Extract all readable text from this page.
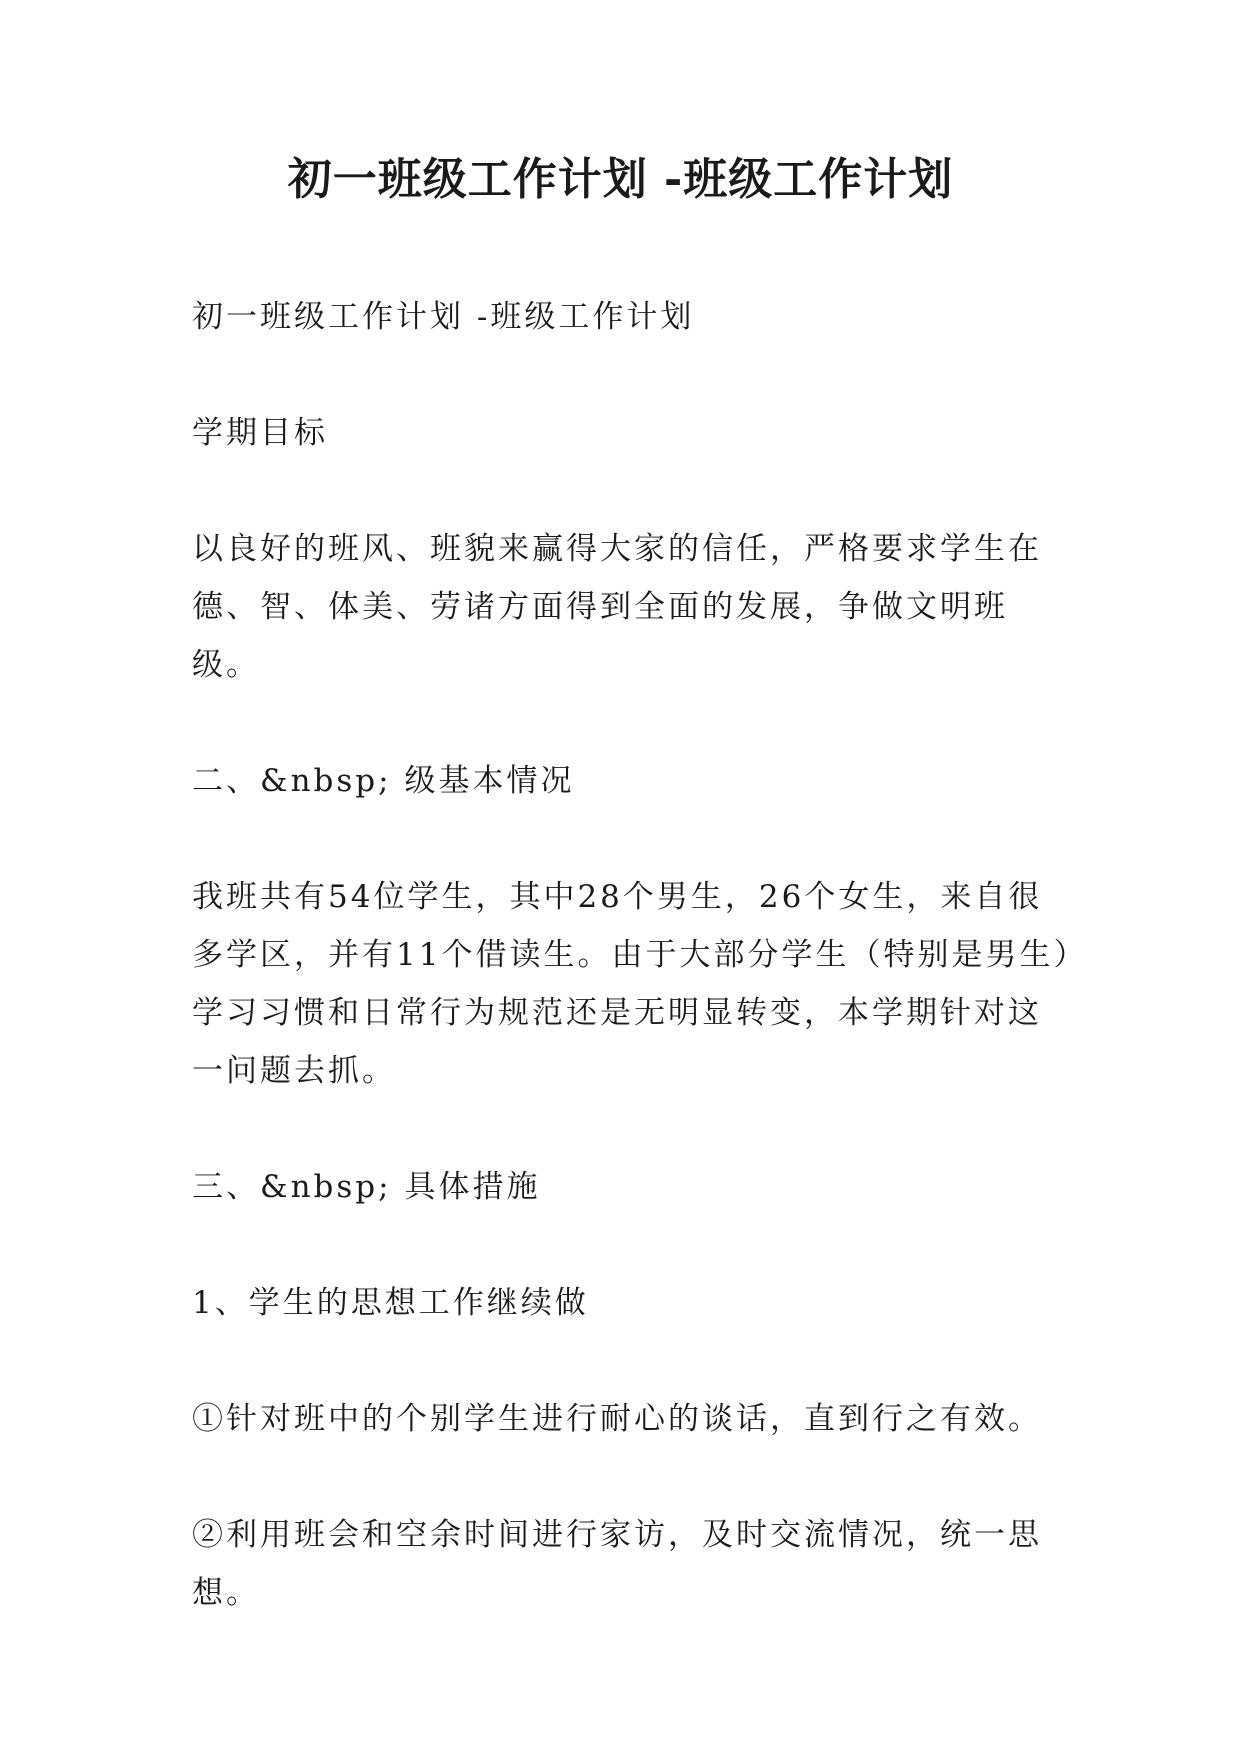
初一班级工作计划 -班级工作计划

初一班级工作计划 -班级工作计划

学期目标

以良好的班风、班貌来赢得大家的信任，严格要求学生在德、智、体美、劳诸方面得到全面的发展，争做文明班级。

二、&nbsp; 级基本情况

我班共有54位学生，其中28个男生，26个女生，来自很多学区，并有11个借读生。由于大部分学生（特别是男生）学习习惯和日常行为规范还是无明显转变，本学期针对这一问题去抓。

三、&nbsp; 具体措施

1、学生的思想工作继续做

①针对班中的个别学生进行耐心的谈话，直到行之有效。

②利用班会和空余时间进行家访，及时交流情况，统一思想。
